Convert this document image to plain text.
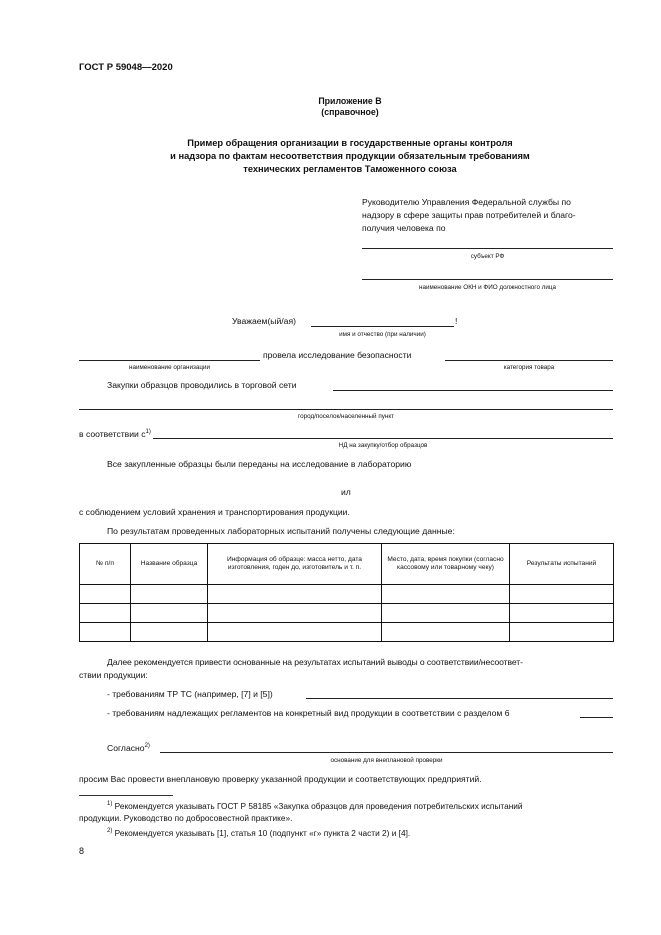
ГОСТ Р 59048—2020
Приложение В
(справочное)
Пример обращения организации в государственные органы контроля
и надзора по фактам несоответствия продукции обязательным требованиям
технических регламентов Таможенного союза
Руководителю Управления Федеральной службы по
надзору в сфере защиты прав потребителей и благо-
получия человека по
субъект РФ
наименование ОКН и ФИО должностного лица
Уважаем(ый/ая)	!
имя и отчество (при наличии)
провела исследование безопасности
наименование организации	категория товара
Закупки образцов проводились в торговой сети
город/поселок/населенный пункт
в соответствии $с^{1)}$
НД на закупку/отбор образцов
Все закупленные образцы были переданы на исследование в лабораторию
ил
с соблюдением условий хранения и транспортирования продукции.
По результатам проведенных лабораторных испытаний получены следующие данные:
№ п/п	Название образца	Информация об образце: масса нетто, дата изготовления, годен до, изготовитель и т. п.	Место, дата, время покупки (согласно кассовому или товарному чеку)	Результаты испытаний

Далее рекомендуется привести основанные на результатах испытаний выводы о соответствии/несоответ-
ствии продукции:
- требованиям ТР ТС (например, [7] и [5])
- требованиям надлежащих регламентов на конкретный вид продукции в соответствии с разделом 6
Согласно$^{2)}$
основание для внеплановой проверки
просим Вас провести внеплановую проверку указанной продукции и соответствующих предприятий.
$^{1)}$ Рекомендуется указывать ГОСТ Р 58185 «Закупка образцов для проведения потребительских испытаний
продукции. Руководство по добросовестной практике».
$^{2)}$ Рекомендуется указывать [1], статья 10 (подпункт «г» пункта 2 части 2) и [4].
8
